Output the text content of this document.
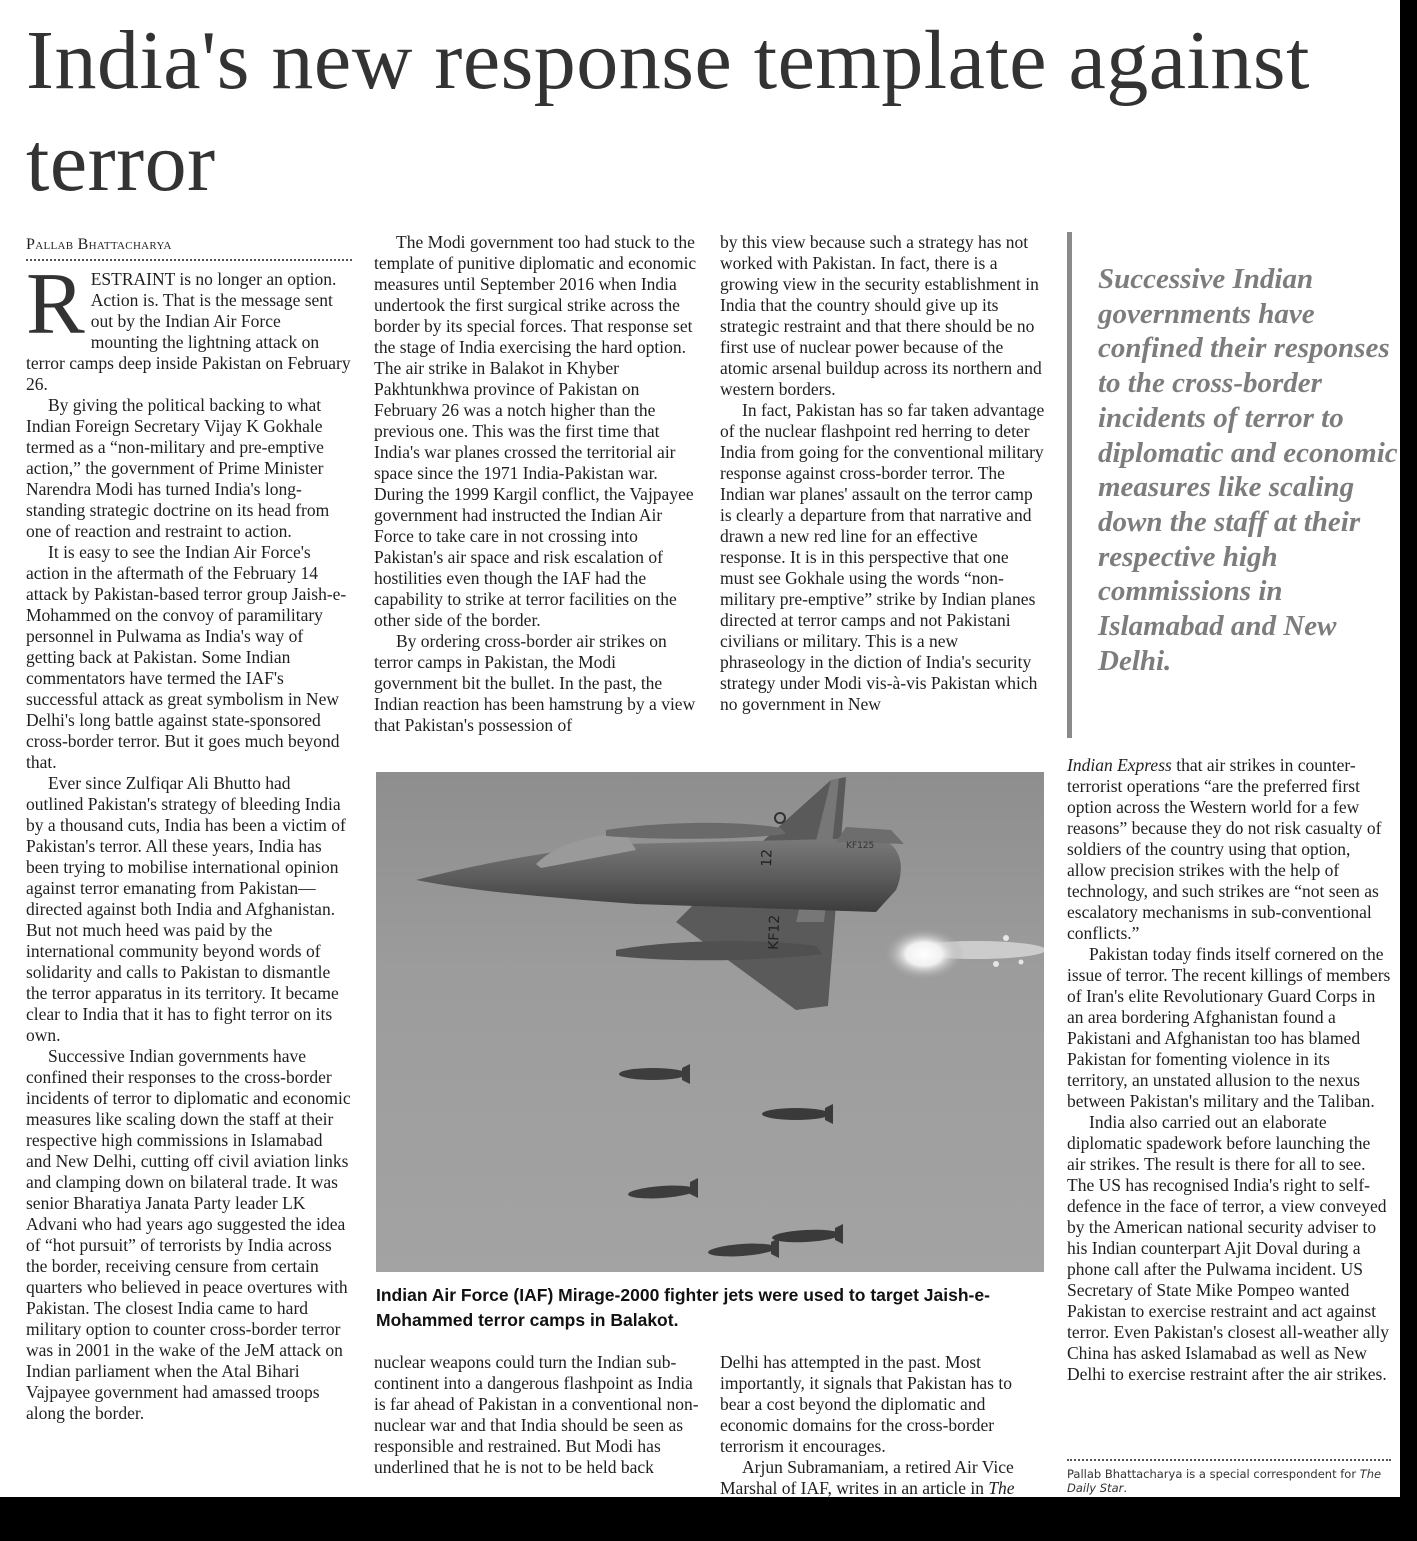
India's new response template against terror
Pallab Bhattacharya

RESTRAINT is no longer an option. Action is. That is the message sent out by the Indian Air Force mounting the lightning attack on terror camps deep inside Pakistan on February 26.

By giving the political backing to what Indian Foreign Secretary Vijay K Gokhale termed as a “non-military and pre-emptive action,” the government of Prime Minister Narendra Modi has turned India's long-standing strategic doctrine on its head from one of reaction and restraint to action.

It is easy to see the Indian Air Force's action in the aftermath of the February 14 attack by Pakistan-based terror group Jaish-e-Mohammed on the convoy of paramilitary personnel in Pulwama as India's way of getting back at Pakistan. Some Indian commentators have termed the IAF's successful attack as great symbolism in New Delhi's long battle against state-sponsored cross-border terror. But it goes much beyond that.

Ever since Zulfiqar Ali Bhutto had outlined Pakistan's strategy of bleeding India by a thousand cuts, India has been a victim of Pakistan's terror. All these years, India has been trying to mobilise international opinion against terror emanating from Pakistan—directed against both India and Afghanistan. But not much heed was paid by the international community beyond words of solidarity and calls to Pakistan to dismantle the terror apparatus in its territory. It became clear to India that it has to fight terror on its own.

Successive Indian governments have confined their responses to the cross-border incidents of terror to diplomatic and economic measures like scaling down the staff at their respective high commissions in Islamabad and New Delhi, cutting off civil aviation links and clamping down on bilateral trade. It was senior Bharatiya Janata Party leader LK Advani who had years ago suggested the idea of “hot pursuit” of terrorists by India across the border, receiving censure from certain quarters who believed in peace overtures with Pakistan. The closest India came to hard military option to counter cross-border terror was in 2001 in the wake of the JeM attack on Indian parliament when the Atal Bihari Vajpayee government had amassed troops along the border.

The Modi government too had stuck to the template of punitive diplomatic and economic measures until September 2016 when India undertook the first surgical strike across the border by its special forces. That response set the stage of India exercising the hard option. The air strike in Balakot in Khyber Pakhtunkhwa province of Pakistan on February 26 was a notch higher than the previous one. This was the first time that India's war planes crossed the territorial air space since the 1971 India-Pakistan war. During the 1999 Kargil conflict, the Vajpayee government had instructed the Indian Air Force to take care in not crossing into Pakistan's air space and risk escalation of hostilities even though the IAF had the capability to strike at terror facilities on the other side of the border.

By ordering cross-border air strikes on terror camps in Pakistan, the Modi government bit the bullet. In the past, the Indian reaction has been hamstrung by a view that Pakistan's possession of

by this view because such a strategy has not worked with Pakistan. In fact, there is a growing view in the security establishment in India that the country should give up its strategic restraint and that there should be no first use of nuclear power because of the atomic arsenal buildup across its northern and western borders.

In fact, Pakistan has so far taken advantage of the nuclear flashpoint red herring to deter India from going for the conventional military response against cross-border terror. The Indian war planes' assault on the terror camp is clearly a departure from that narrative and drawn a new red line for an effective response. It is in this perspective that one must see Gokhale using the words “non-military pre-emptive” strike by Indian planes directed at terror camps and not Pakistani civilians or military. This is a new phraseology in the diction of India's security strategy under Modi vis-à-vis Pakistan which no government in New

Successive Indian governments have confined their responses to the cross-border incidents of terror to diplomatic and economic measures like scaling down the staff at their respective high commissions in Islamabad and New Delhi.

Indian Express that air strikes in counter-terrorist operations “are the preferred first option across the Western world for a few reasons” because they do not risk casualty of soldiers of the country using that option, allow precision strikes with the help of technology, and such strikes are “not seen as escalatory mechanisms in sub-conventional conflicts.”

Pakistan today finds itself cornered on the issue of terror. The recent killings of members of Iran's elite Revolutionary Guard Corps in an area bordering Afghanistan found a Pakistani and Afghanistan too has blamed Pakistan for fomenting violence in its territory, an unstated allusion to the nexus between Pakistan's military and the Taliban.

India also carried out an elaborate diplomatic spadework before launching the air strikes. The result is there for all to see. The US has recognised India's right to self-defence in the face of terror, a view conveyed by the American national security adviser to his Indian counterpart Ajit Doval during a phone call after the Pulwama incident. US Secretary of State Mike Pompeo wanted Pakistan to exercise restraint and act against terror. Even Pakistan's closest all-weather ally China has asked Islamabad as well as New Delhi to exercise restraint after the air strikes.

12
KF12
KF125
Indian Air Force (IAF) Mirage-2000 fighter jets were used to target Jaish-e-Mohammed terror camps in Balakot.

nuclear weapons could turn the Indian sub-continent into a dangerous flashpoint as India is far ahead of Pakistan in a conventional non-nuclear war and that India should be seen as responsible and restrained. But Modi has underlined that he is not to be held back

Delhi has attempted in the past. Most importantly, it signals that Pakistan has to bear a cost beyond the diplomatic and economic domains for the cross-border terrorism it encourages.

Arjun Subramaniam, a retired Air Vice Marshal of IAF, writes in an article in The

Pallab Bhattacharya is a special correspondent for The Daily Star.
